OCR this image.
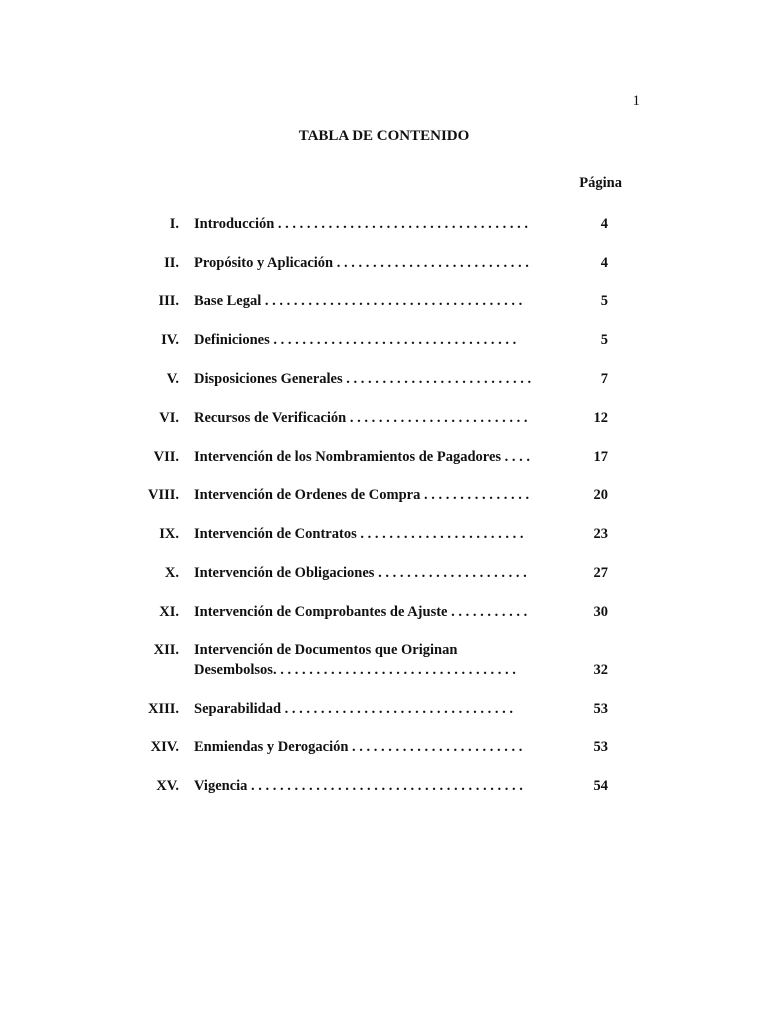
1
TABLA DE CONTENIDO
Página
I. Introducción . . . . . . . . . . . . . . . . . . . . . . . . . . . . . . . . . . .	4
II. Propósito y Aplicación . . . . . . . . . . . . . . . . . . . . . . . . . . .	4
III. Base Legal . . . . . . . . . . . . . . . . . . . . . . . . . . . . . . . . . . . .	5
IV. Definiciones . . . . . . . . . . . . . . . . . . . . . . . . . . . . . . . . . .	5
V. Disposiciones Generales . . . . . . . . . . . . . . . . . . . . . . . . . .	7
VI. Recursos de Verificación . . . . . . . . . . . . . . . . . . . . . . . . .	12
VII. Intervención de los Nombramientos de Pagadores . . . .	17
VIII. Intervención de Ordenes de Compra . . . . . . . . . . . . . . .	20
IX. Intervención de Contratos . . . . . . . . . . . . . . . . . . . . . . .	23
X. Intervención de Obligaciones . . . . . . . . . . . . . . . . . . . . .	27
XI. Intervención de Comprobantes de Ajuste . . . . . . . . . . .	30
XII. Intervención de Documentos que Originan
Desembolsos. . . . . . . . . . . . . . . . . . . . . . . . . . . . . . . . . .	32
XIII. Separabilidad . . . . . . . . . . . . . . . . . . . . . . . . . . . . . . . .	53
XIV. Enmiendas y Derogación . . . . . . . . . . . . . . . . . . . . . . . .	53
XV. Vigencia . . . . . . . . . . . . . . . . . . . . . . . . . . . . . . . . . . . . . .	54
